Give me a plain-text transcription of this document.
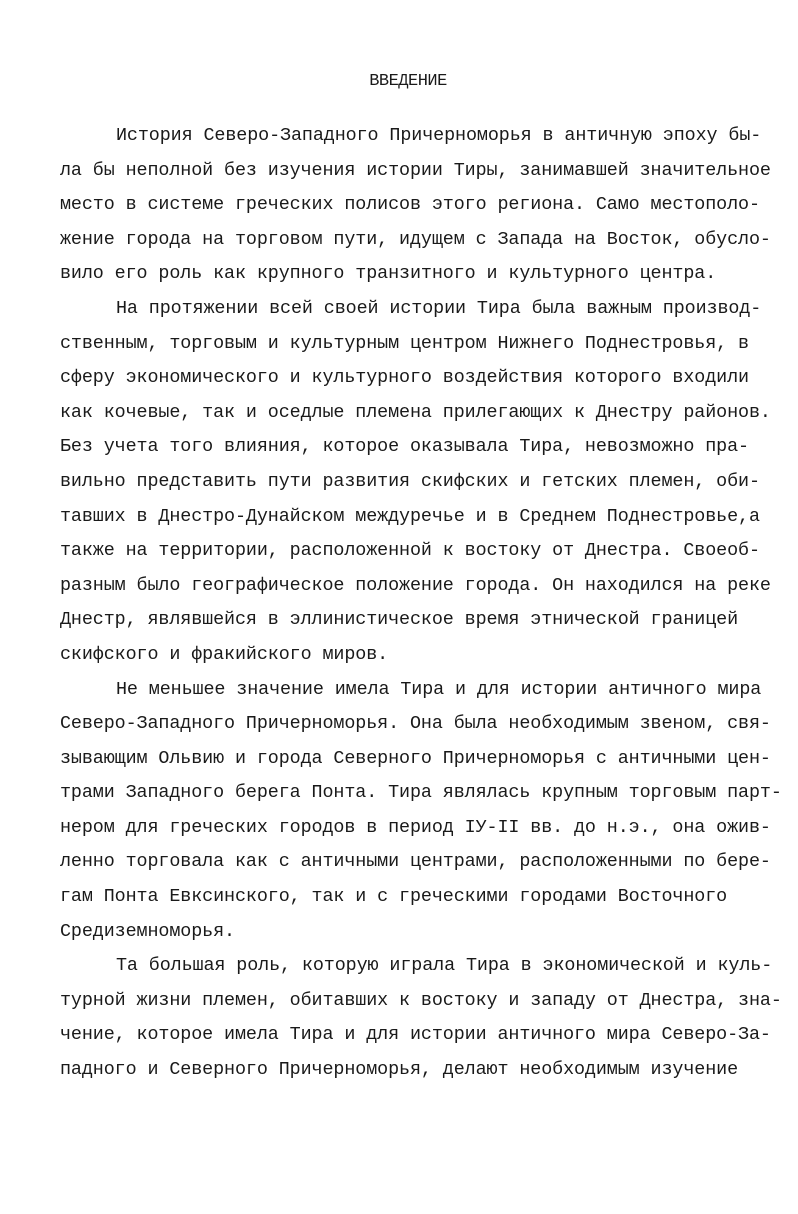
ВВЕДЕНИЕ
История Северо-Западного Причерноморья в античную эпоху бы-
ла бы неполной без изучения истории Тиры, занимавшей значительное
место в системе греческих полисов этого региона. Само местополо-
жение города на торговом пути, идущем с Запада на Восток, обусло-
вило его роль как крупного транзитного и культурного центра.
На протяжении всей своей истории Тира была важным производ-
ственным, торговым и культурным центром Нижнего Поднестровья, в
сферу экономического и культурного воздействия которого входили
как кочевые, так и оседлые племена прилегающих к Днестру районов.
Без учета того влияния, которое оказывала Тира, невозможно пра-
вильно представить пути развития скифских и гетских племен, оби-
тавших в Днестро-Дунайском междуречье и в Среднем Поднестровье,а
также на территории, расположенной к востоку от Днестра. Своеоб-
разным было географическое положение города. Он находился на реке
Днестр, являвшейся в эллинистическое время этнической границей
скифского и фракийского миров.
Не меньшее значение имела Тира и для истории античного мира
Северо-Западного Причерноморья. Она была необходимым звеном, свя-
зывающим Ольвию и города Северного Причерноморья с античными цен-
трами Западного берега Понта. Тира являлась крупным торговым парт-
нером для греческих городов в период IУ-II вв. до н.э., она ожив-
ленно торговала как с античными центрами, расположенными по бере-
гам Понта Евксинского, так и с греческими городами Восточного
Средиземноморья.
Та большая роль, которую играла Тира в экономической и куль-
турной жизни племен, обитавших к востоку и западу от Днестра, зна-
чение, которое имела Тира и для истории античного мира Северо-За-
падного и Северного Причерноморья, делают необходимым изучение
